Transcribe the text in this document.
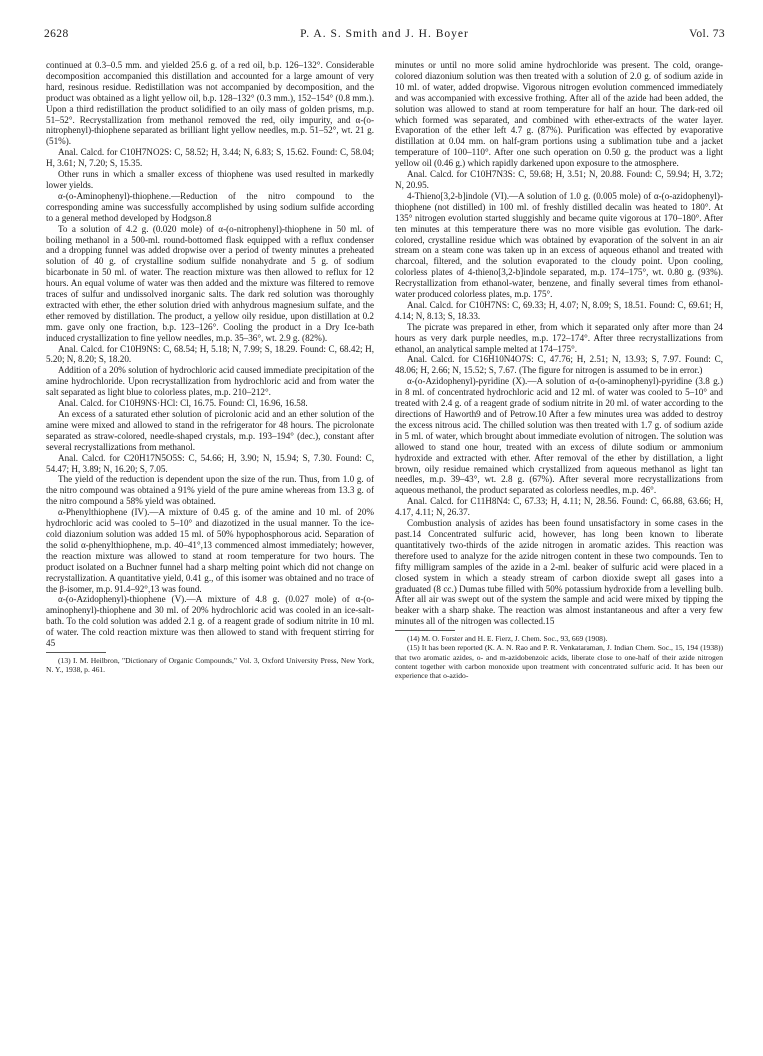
2628	P. A. S. Smith and J. H. Boyer	Vol. 73

continued at 0.3–0.5 mm. and yielded 25.6 g. of a red oil, b.p. 126–132°. Considerable decomposition accompanied this distillation and accounted for a large amount of very hard, resinous residue. Redistillation was not accompanied by decomposition, and the product was obtained as a light yellow oil, b.p. 128–132° (0.3 mm.), 152–154° (0.8 mm.). Upon a third redistillation the product solidified to an oily mass of golden prisms, m.p. 51–52°. Recrystallization from methanol removed the red, oily impurity, and α-(o-nitrophenyl)-thiophene separated as brilliant light yellow needles, m.p. 51–52°, wt. 21 g. (51%).

Anal. Calcd. for C10H7NO2S: C, 58.52; H, 3.44; N, 6.83; S, 15.62. Found: C, 58.04; H, 3.61; N, 7.20; S, 15.35.

Other runs in which a smaller excess of thiophene was used resulted in markedly lower yields.

α-(o-Aminophenyl)-thiophene.—Reduction of the nitro compound to the corresponding amine was successfully accomplished by using sodium sulfide according to a general method developed by Hodgson.8

To a solution of 4.2 g. (0.020 mole) of α-(o-nitrophenyl)-thiophene in 50 ml. of boiling methanol in a 500-ml. round-bottomed flask equipped with a reflux condenser and a dropping funnel was added dropwise over a period of twenty minutes a preheated solution of 40 g. of crystalline sodium sulfide nonahydrate and 5 g. of sodium bicarbonate in 50 ml. of water. The reaction mixture was then allowed to reflux for 12 hours. An equal volume of water was then added and the mixture was filtered to remove traces of sulfur and undissolved inorganic salts. The dark red solution was thoroughly extracted with ether, the ether solution dried with anhydrous magnesium sulfate, and the ether removed by distillation. The product, a yellow oily residue, upon distillation at 0.2 mm. gave only one fraction, b.p. 123–126°. Cooling the product in a Dry Ice-bath induced crystallization to fine yellow needles, m.p. 35–36°, wt. 2.9 g. (82%).

Anal. Calcd. for C10H9NS: C, 68.54; H, 5.18; N, 7.99; S, 18.29. Found: C, 68.42; H, 5.20; N, 8.20; S, 18.20.

Addition of a 20% solution of hydrochloric acid caused immediate precipitation of the amine hydrochloride. Upon recrystallization from hydrochloric acid and from water the salt separated as light blue to colorless plates, m.p. 210–212°.

Anal. Calcd. for C10H9NS·HCl: Cl, 16.75. Found: Cl, 16.96, 16.58.

An excess of a saturated ether solution of picrolonic acid and an ether solution of the amine were mixed and allowed to stand in the refrigerator for 48 hours. The picrolonate separated as straw-colored, needle-shaped crystals, m.p. 193–194° (dec.), constant after several recrystallizations from methanol.

Anal. Calcd. for C20H17N5O5S: C, 54.66; H, 3.90; N, 15.94; S, 7.30. Found: C, 54.47; H, 3.89; N, 16.20; S, 7.05.

The yield of the reduction is dependent upon the size of the run. Thus, from 1.0 g. of the nitro compound was obtained a 91% yield of the pure amine whereas from 13.3 g. of the nitro compound a 58% yield was obtained.

α-Phenylthiophene (IV).—A mixture of 0.45 g. of the amine and 10 ml. of 20% hydrochloric acid was cooled to 5–10° and diazotized in the usual manner. To the ice-cold diazonium solution was added 15 ml. of 50% hypophosphorous acid. Separation of the solid α-phenylthiophene, m.p. 40–41°,13 commenced almost immediately; however, the reaction mixture was allowed to stand at room temperature for two hours. The product isolated on a Buchner funnel had a sharp melting point which did not change on recrystallization. A quantitative yield, 0.41 g., of this isomer was obtained and no trace of the β-isomer, m.p. 91.4–92°,13 was found.

α-(o-Azidophenyl)-thiophene (V).—A mixture of 4.8 g. (0.027 mole) of α-(o-aminophenyl)-thiophene and 30 ml. of 20% hydrochloric acid was cooled in an ice-salt-bath. To the cold solution was added 2.1 g. of a reagent grade of sodium nitrite in 10 ml. of water. The cold reaction mixture was then allowed to stand with frequent stirring for 45

(13) I. M. Heilbron, "Dictionary of Organic Compounds," Vol. 3, Oxford University Press, New York, N. Y., 1938, p. 461.

minutes or until no more solid amine hydrochloride was present. The cold, orange-colored diazonium solution was then treated with a solution of 2.0 g. of sodium azide in 10 ml. of water, added dropwise. Vigorous nitrogen evolution commenced immediately and was accompanied with excessive frothing. After all of the azide had been added, the solution was allowed to stand at room temperature for half an hour. The dark-red oil which formed was separated, and combined with ether-extracts of the water layer. Evaporation of the ether left 4.7 g. (87%). Purification was effected by evaporative distillation at 0.04 mm. on half-gram portions using a sublimation tube and a jacket temperature of 100–110°. After one such operation on 0.50 g. the product was a light yellow oil (0.46 g.) which rapidly darkened upon exposure to the atmosphere.

Anal. Calcd. for C10H7N3S: C, 59.68; H, 3.51; N, 20.88. Found: C, 59.94; H, 3.72; N, 20.95.

4-Thieno[3,2-b]indole (VI).—A solution of 1.0 g. (0.005 mole) of α-(o-azidophenyl)-thiophene (not distilled) in 100 ml. of freshly distilled decalin was heated to 180°. At 135° nitrogen evolution started sluggishly and became quite vigorous at 170–180°. After ten minutes at this temperature there was no more visible gas evolution. The dark-colored, crystalline residue which was obtained by evaporation of the solvent in an air stream on a steam cone was taken up in an excess of aqueous ethanol and treated with charcoal, filtered, and the solution evaporated to the cloudy point. Upon cooling, colorless plates of 4-thieno[3,2-b]indole separated, m.p. 174–175°, wt. 0.80 g. (93%). Recrystallization from ethanol-water, benzene, and finally several times from ethanol-water produced colorless plates, m.p. 175°.

Anal. Calcd. for C10H7NS: C, 69.33; H, 4.07; N, 8.09; S, 18.51. Found: C, 69.61; H, 4.14; N, 8.13; S, 18.33.

The picrate was prepared in ether, from which it separated only after more than 24 hours as very dark purple needles, m.p. 172–174°. After three recrystallizations from ethanol, an analytical sample melted at 174–175°.

Anal. Calcd. for C16H10N4O7S: C, 47.76; H, 2.51; N, 13.93; S, 7.97. Found: C, 48.06; H, 2.66; N, 15.52; S, 7.67. (The figure for nitrogen is assumed to be in error.)

α-(o-Azidophenyl)-pyridine (X).—A solution of α-(o-aminophenyl)-pyridine (3.8 g.) in 8 ml. of concentrated hydrochloric acid and 12 ml. of water was cooled to 5–10° and treated with 2.4 g. of a reagent grade of sodium nitrite in 20 ml. of water according to the directions of Haworth9 and of Petrow.10 After a few minutes urea was added to destroy the excess nitrous acid. The chilled solution was then treated with 1.7 g. of sodium azide in 5 ml. of water, which brought about immediate evolution of nitrogen. The solution was allowed to stand one hour, treated with an excess of dilute sodium or ammonium hydroxide and extracted with ether. After removal of the ether by distillation, a light brown, oily residue remained which crystallized from aqueous methanol as light tan needles, m.p. 39–43°, wt. 2.8 g. (67%). After several more recrystallizations from aqueous methanol, the product separated as colorless needles, m.p. 46°.

Anal. Calcd. for C11H8N4: C, 67.33; H, 4.11; N, 28.56. Found: C, 66.88, 63.66; H, 4.17, 4.11; N, 26.37.

Combustion analysis of azides has been found unsatisfactory in some cases in the past.14 Concentrated sulfuric acid, however, has long been known to liberate quantitatively two-thirds of the azide nitrogen in aromatic azides. This reaction was therefore used to analyze for the azide nitrogen content in these two compounds. Ten to fifty milligram samples of the azide in a 2-ml. beaker of sulfuric acid were placed in a closed system in which a steady stream of carbon dioxide swept all gases into a graduated (8 cc.) Dumas tube filled with 50% potassium hydroxide from a levelling bulb. After all air was swept out of the system the sample and acid were mixed by tipping the beaker with a sharp shake. The reaction was almost instantaneous and after a very few minutes all of the nitrogen was collected.15

(14) M. O. Forster and H. E. Fierz, J. Chem. Soc., 93, 669 (1908).

(15) It has been reported (K. A. N. Rao and P. R. Venkataraman, J. Indian Chem. Soc., 15, 194 (1938)) that two aromatic azides, o- and m-azidobenzoic acids, liberate close to one-half of their azide nitrogen content together with carbon monoxide upon treatment with concentrated sulfuric acid. It has been our experience that o-azido-
